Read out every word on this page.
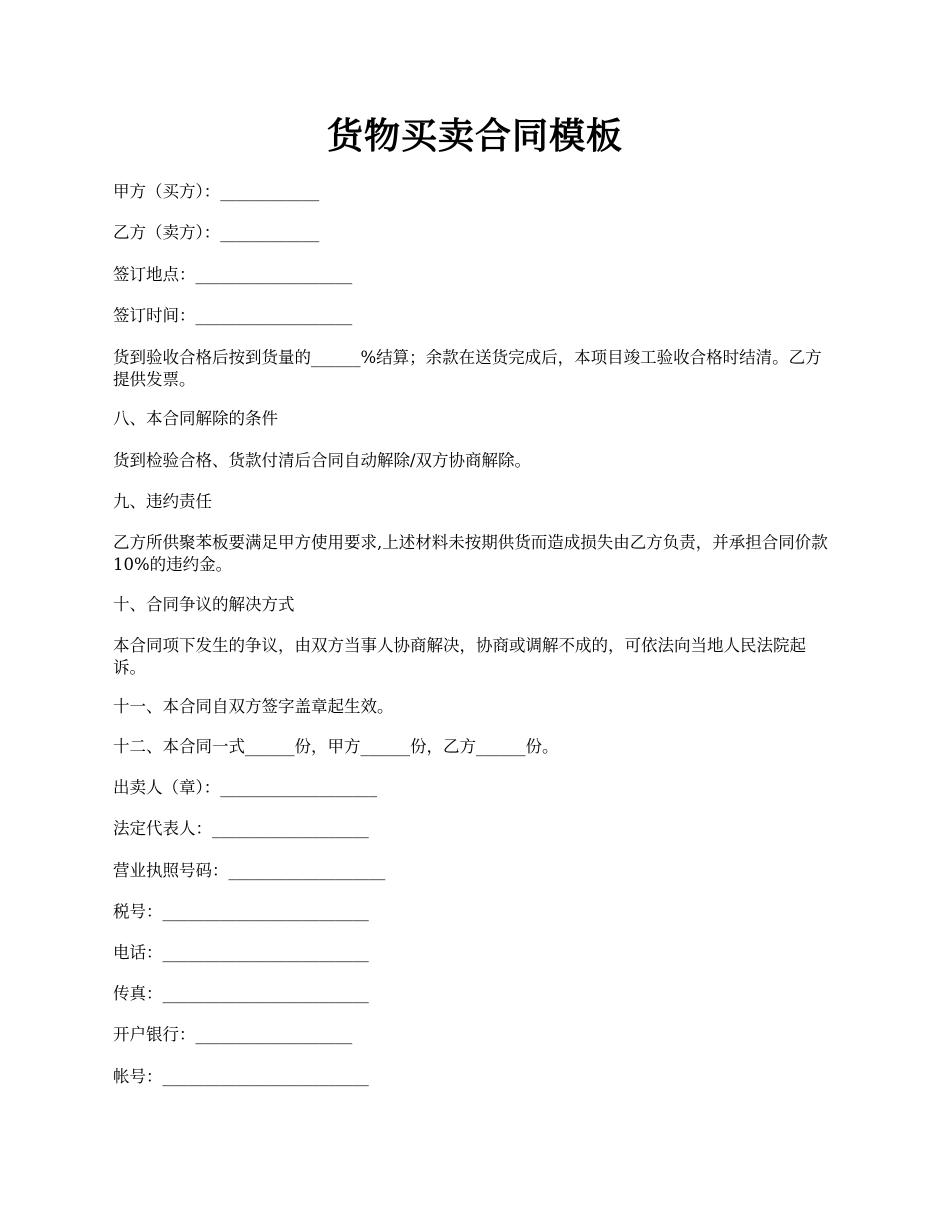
货物买卖合同模板

甲方（买方）：____________

乙方（卖方）：____________

签订地点：___________________

签订时间：___________________

货到验收合格后按到货量的______%结算；余款在送货完成后，本项目竣工验收合格时结清。乙方提供发票。

八、本合同解除的条件

货到检验合格、货款付清后合同自动解除/双方协商解除。

九、违约责任

乙方所供聚苯板要满足甲方使用要求,上述材料未按期供货而造成损失由乙方负责，并承担合同价款 10%的违约金。

十、合同争议的解决方式

本合同项下发生的争议，由双方当事人协商解决，协商或调解不成的，可依法向当地人民法院起诉。

十一、本合同自双方签字盖章起生效。

十二、本合同一式______份，甲方______份，乙方______份。

出卖人（章）：___________________

法定代表人：___________________

营业执照号码：___________________

税号：_________________________

电话：_________________________

传真：_________________________

开户银行：___________________

帐号：_________________________
